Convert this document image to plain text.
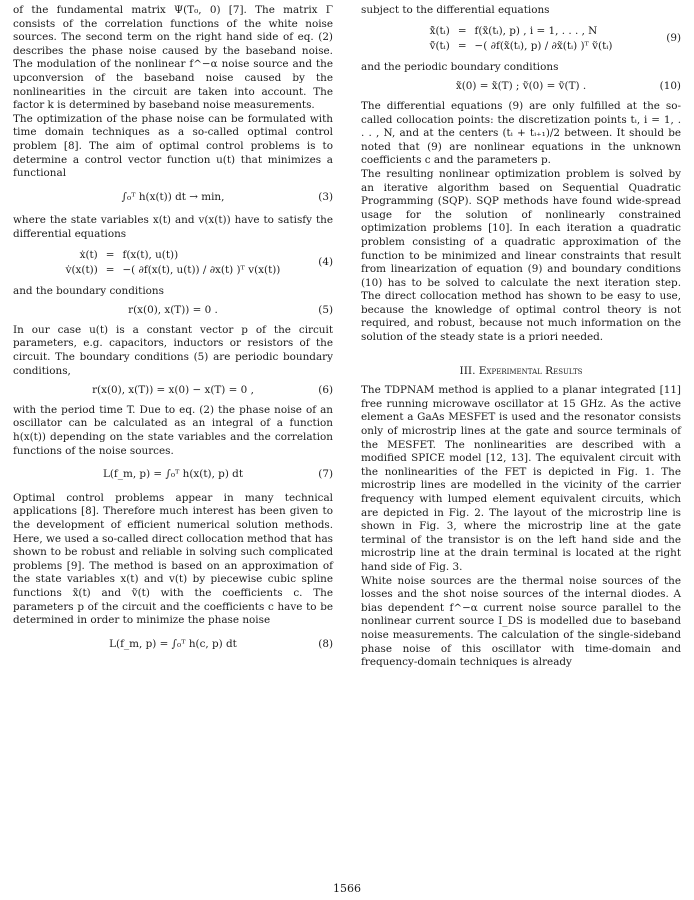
of the fundamental matrix Ψ(T₀, 0) [7]. The matrix Γ consists of the correlation functions of the white noise sources. The second term on the right hand side of eq. (2) describes the phase noise caused by the baseband noise. The modulation of the nonlinear f^−α noise source and the upconversion of the baseband noise caused by the nonlinearities in the circuit are taken into account. The factor k is determined by baseband noise measurements.

The optimization of the phase noise can be formulated with time domain techniques as a so-called optimal control problem [8]. The aim of optimal control problems is to determine a control vector function u(t) that minimizes a functional

∫₀ᵀ h(x(t)) dt → min,	(3)

where the state variables x(t) and v(x(t)) have to satisfy the differential equations

ẋ(t)	=	f(x(t), u(t))
v̇(x(t))	=	−( ∂f(x(t), u(t)) / ∂x(t) )ᵀ v(x(t))
(4)

and the boundary conditions

r(x(0), x(T)) = 0 .	(5)

In our case u(t) is a constant vector p of the circuit parameters, e.g. capacitors, inductors or resistors of the circuit. The boundary conditions (5) are periodic boundary conditions,

r(x(0), x(T)) = x(0) − x(T) = 0 ,	(6)

with the period time T. Due to eq. (2) the phase noise of an oscillator can be calculated as an integral of a function h(x(t)) depending on the state variables and the correlation functions of the noise sources.

L(f_m, p) = ∫₀ᵀ h(x(t), p) dt	(7)

Optimal control problems appear in many technical applications [8]. Therefore much interest has been given to the development of efficient numerical solution methods. Here, we used a so-called direct collocation method that has shown to be robust and reliable in solving such complicated problems [9]. The method is based on an approximation of the state variables x(t) and v(t) by piecewise cubic spline functions x̃(t) and ṽ(t) with the coefficients c. The parameters p of the circuit and the coefficients c have to be determined in order to minimize the phase noise

L(f_m, p) = ∫₀ᵀ h(c, p) dt	(8)

subject to the differential equations

x̃̇(tᵢ)	=	f(x̃(tᵢ), p) , i = 1, . . . , N
ṽ̇(tᵢ)	=	−( ∂f(x̃(tᵢ), p) / ∂x̃(tᵢ) )ᵀ ṽ(tᵢ)
(9)

and the periodic boundary conditions

x̃(0) = x̃(T) ; ṽ(0) = ṽ(T) .	(10)

The differential equations (9) are only fulfilled at the so-called collocation points: the discretization points tᵢ, i = 1, . . . , N, and at the centers (tᵢ + tᵢ₊₁)/2 between. It should be noted that (9) are nonlinear equations in the unknown coefficients c and the parameters p.

The resulting nonlinear optimization problem is solved by an iterative algorithm based on Sequential Quadratic Programming (SQP). SQP methods have found wide-spread usage for the solution of nonlinearly constrained optimization problems [10]. In each iteration a quadratic problem consisting of a quadratic approximation of the function to be minimized and linear constraints that result from linearization of equation (9) and boundary conditions (10) has to be solved to calculate the next iteration step. The direct collocation method has shown to be easy to use, because the knowledge of optimal control theory is not required, and robust, because not much information on the solution of the steady state is a priori needed.

III. Experimental Results

The TDPNAM method is applied to a planar integrated [11] free running microwave oscillator at 15 GHz. As the active element a GaAs MESFET is used and the resonator consists only of microstrip lines at the gate and source terminals of the MESFET. The nonlinearities are described with a modified SPICE model [12, 13]. The equivalent circuit with the nonlinearities of the FET is depicted in Fig. 1. The microstrip lines are modelled in the vicinity of the carrier frequency with lumped element equivalent circuits, which are depicted in Fig. 2. The layout of the microstrip line is shown in Fig. 3, where the microstrip line at the gate terminal of the transistor is on the left hand side and the microstrip line at the drain terminal is located at the right hand side of Fig. 3.

White noise sources are the thermal noise sources of the losses and the shot noise sources of the internal diodes. A bias dependent f^−α current noise source parallel to the nonlinear current source I_DS is modelled due to baseband noise measurements. The calculation of the single-sideband phase noise of this oscillator with time-domain and frequency-domain techniques is already

1566
